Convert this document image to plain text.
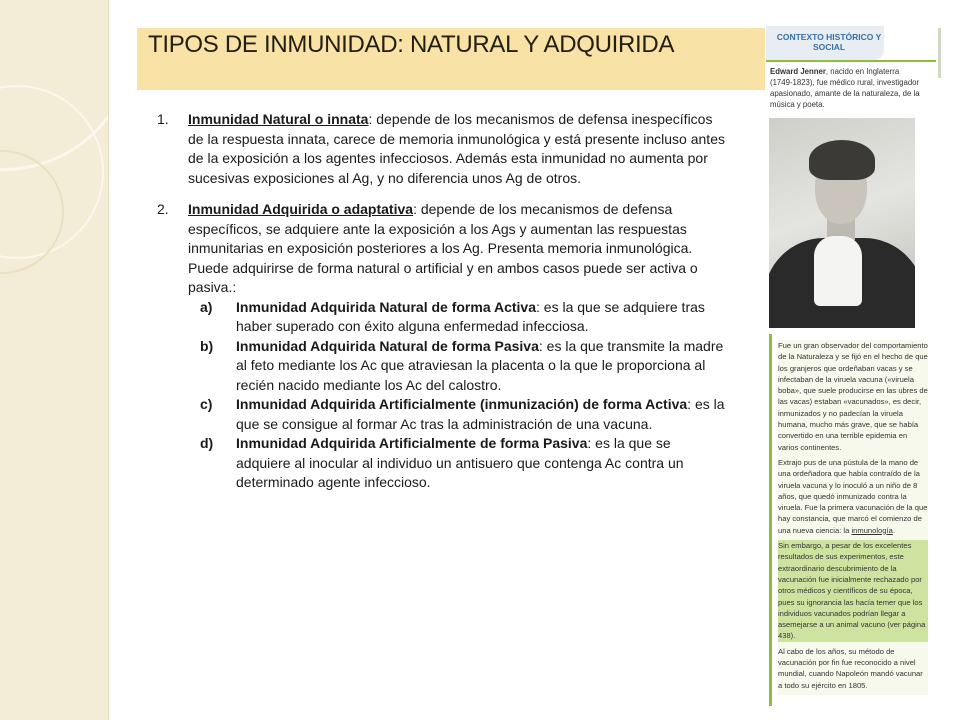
TIPOS DE INMUNIDAD: NATURAL Y ADQUIRIDA
1. Inmunidad Natural o innata: depende de los mecanismos de defensa inespecíficos de la respuesta innata, carece de memoria inmunológica y está presente incluso antes de la exposición a los agentes infecciosos. Además esta inmunidad no aumenta por sucesivas exposiciones al Ag, y no diferencia unos Ag de otros.
2. Inmunidad Adquirida o adaptativa: depende de los mecanismos de defensa específicos, se adquiere ante la exposición a los Ags y aumentan las respuestas inmunitarias en exposición posteriores a los Ag. Presenta memoria inmunológica. Puede adquirirse de forma natural o artificial y en ambos casos puede ser activa o pasiva.:
a) Inmunidad Adquirida Natural de forma Activa: es la que se adquiere tras haber superado con éxito alguna enfermedad infecciosa.
b) Inmunidad Adquirida Natural de forma Pasiva: es la que transmite la madre al feto mediante los Ac que atraviesan la placenta o la que le proporciona al recién nacido mediante los Ac del calostro.
c) Inmunidad Adquirida Artificialmente (inmunización) de forma Activa: es la que se consigue al formar Ac tras la administración de una vacuna.
d) Inmunidad Adquirida Artificialmente de forma Pasiva: es la que se adquiere al inocular al individuo un antisuero que contenga Ac contra un determinado agente infeccioso.
CONTEXTO HISTÓRICO Y SOCIAL
Edward Jenner, nacido en Inglaterra (1749-1823), fue médico rural, investigador apasionado, amante de la naturaleza, de la música y poeta.

Fue un gran observador del comportamiento de la Naturaleza y se fijó en el hecho de que los granjeros que ordeñaban vacas y se infectaban de la viruela vacuna («viruela boba», que suele producirse en las ubres de las vacas) estaban «vacunados», es decir, inmunizados y no padecían la viruela humana, mucho más grave, que se había convertido en una terrible epidemia en varios continentes.

Extrajo pus de una pústula de la mano de una ordeñadora que había contraído de la viruela vacuna y lo inoculó a un niño de 8 años, que quedó inmunizado contra la viruela. Fue la primera vacunación de la que hay constancia, que marcó el comienzo de una nueva ciencia: la inmunología.

Sin embargo, a pesar de los excelentes resultados de sus experimentos, este extraordinario descubrimiento de la vacunación fue inicialmente rechazado por otros médicos y científicos de su época, pues su ignorancia las hacía temer que los individuos vacunados podrían llegar a asemejarse a un animal vacuno (ver página 438).

Al cabo de los años, su método de vacunación por fin fue reconocido a nivel mundial, cuando Napoleón mandó vacunar a todo su ejército en 1805.
